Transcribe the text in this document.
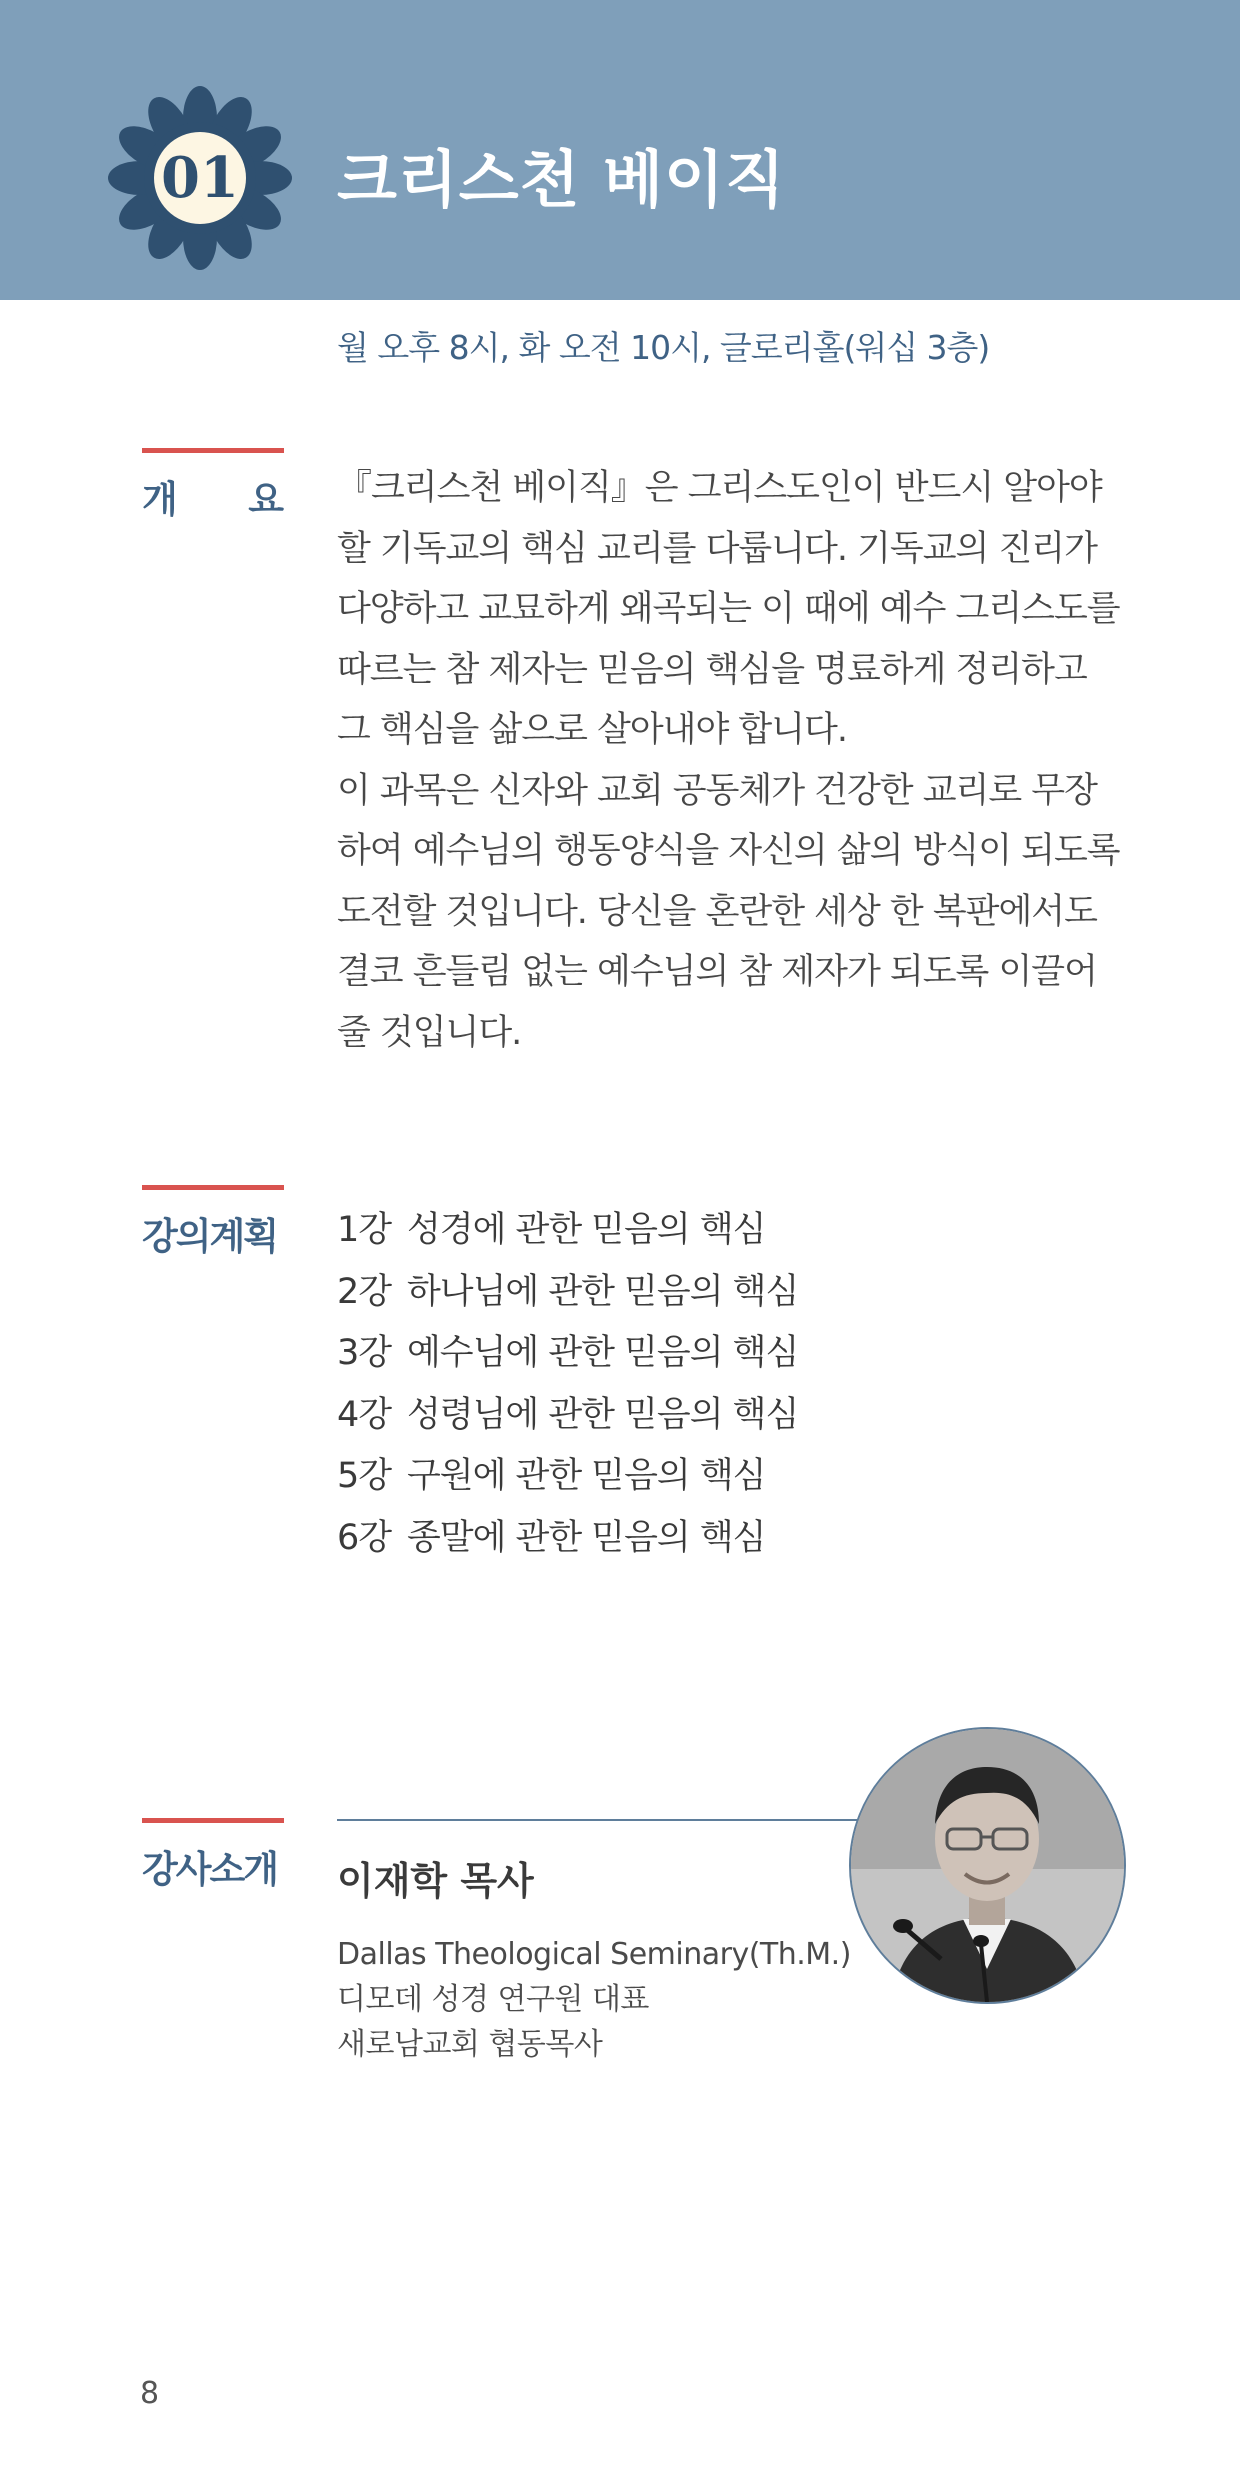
01	크리스천 베이직
월 오후 8시, 화 오전 10시, 글로리홀(워십 3층)
개 요 『크리스천 베이직』은 그리스도인이 반드시 알아야 할 기독교의 핵심 교리를 다룹니다. 기독교의 진리가 다양하고 교묘하게 왜곡되는 이 때에 예수 그리스도를 따르는 참 제자는 믿음의 핵심을 명료하게 정리하고 그 핵심을 삶으로 살아내야 합니다.

이 과목은 신자와 교회 공동체가 건강한 교리로 무장하여 예수님의 행동양식을 자신의 삶의 방식이 되도록 도전할 것입니다. 당신을 혼란한 세상 한 복판에서도 결코 흔들림 없는 예수님의 참 제자가 되도록 이끌어 줄 것입니다.

강의계획 1강 성경에 관한 믿음의 핵심
2강 하나님에 관한 믿음의 핵심
3강 예수님에 관한 믿음의 핵심
4강 성령님에 관한 믿음의 핵심
5강 구원에 관한 믿음의 핵심
6강 종말에 관한 믿음의 핵심
강사소개 이재학 목사
Dallas Theological Seminary(Th.M.)
디모데 성경 연구원 대표
새로남교회 협동목사
8
